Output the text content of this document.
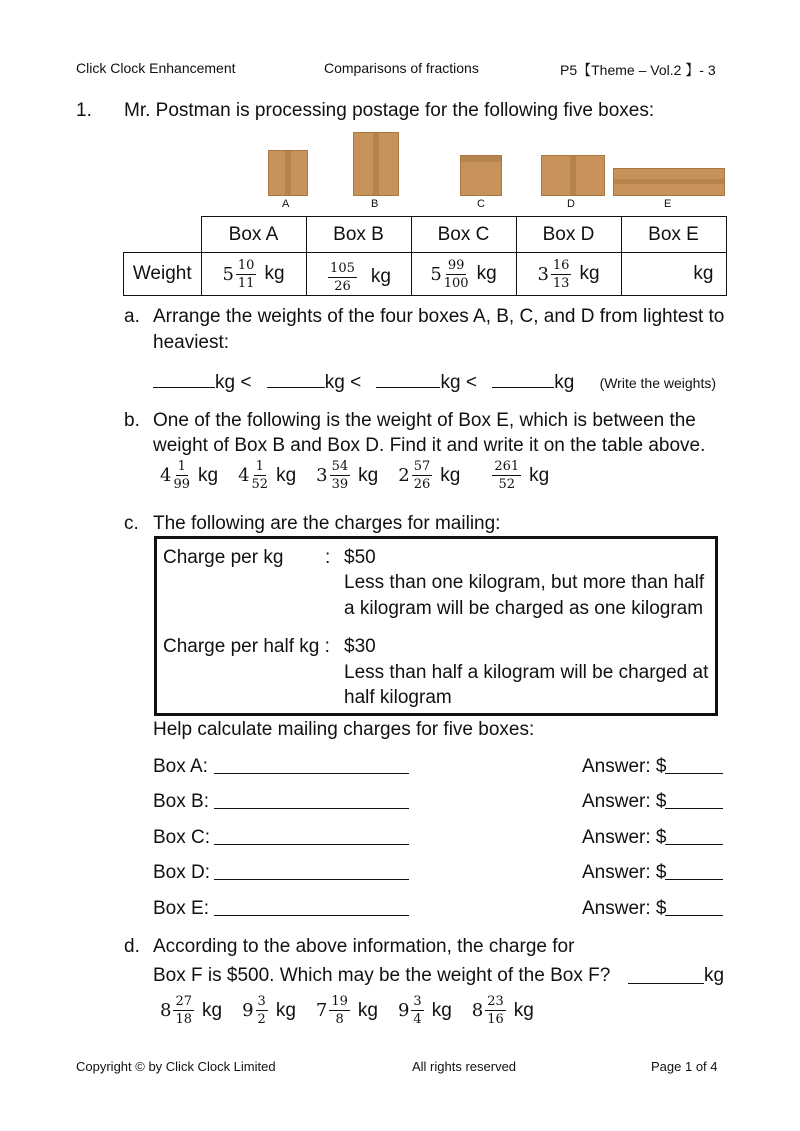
Click Clock Enhancement	Comparisons of fractions	P5【Theme – Vol.2 】- 3
1. Mr. Postman is processing postage for the following five boxes:
A	B	C	D	E
	Box A	Box B	Box C	Box D	Box E
Weight	$5 \frac{10}{11}$ kg	$\frac{105}{26}$ kg	$5 \frac{99}{100}$ kg	$3 \frac{16}{13}$ kg	kg
a. Arrange the weights of the four boxes A, B, C, and D from lightest to
heaviest:
kg <	kg <	kg <	kg (Write the weights)
b. One of the following is the weight of Box E, which is between the
weight of Box B and Box D. Find it and write it on the table above.
$4 \frac{1}{99}$ kg $4 \frac{1}{52}$ kg $3 \frac{54}{39}$ kg $2 \frac{57}{26}$ kg $\frac{261}{52}$ kg
c. The following are the charges for mailing:
Charge per kg : $50
Less than one kilogram, but more than half
a kilogram will be charged as one kilogram
Charge per half kg : $30
Less than half a kilogram will be charged at
half kilogram
Help calculate mailing charges for five boxes:
Box A:	Answer: $
Box B:	Answer: $
Box C:	Answer: $
Box D:	Answer: $
Box E:	Answer: $
d. According to the above information, the charge for
Box F is $500. Which may be the weight of the Box F?	kg
$8 \frac{27}{18}$ kg $9 \frac{3}{2}$ kg $7 \frac{19}{8}$ kg $9 \frac{3}{4}$ kg $8 \frac{23}{16}$ kg
Copyright © by Click Clock Limited	All rights reserved	Page 1 of 4
